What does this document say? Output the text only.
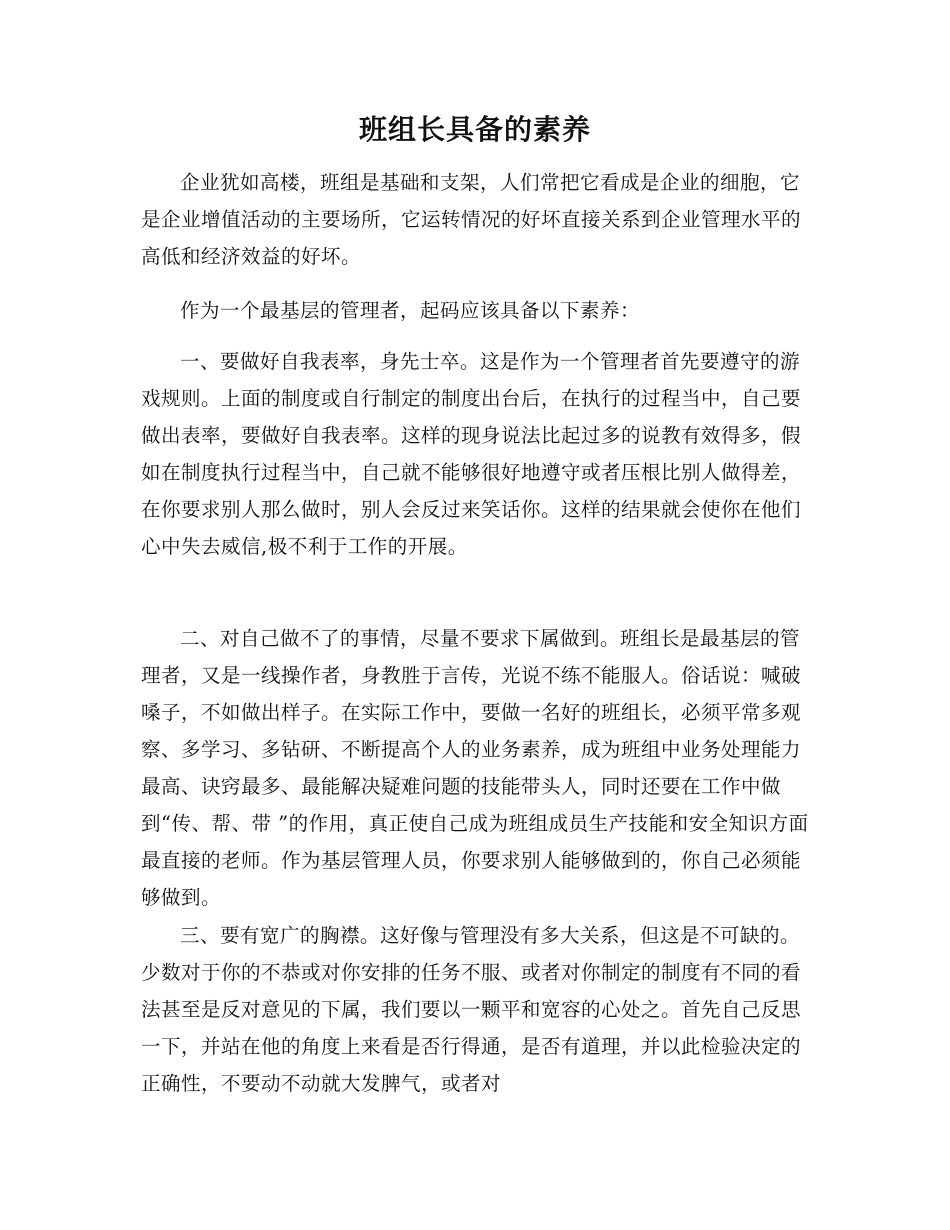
班组长具备的素养

企业犹如高楼，班组是基础和支架，人们常把它看成是企业的细胞，它是企业增值活动的主要场所，它运转情况的好坏直接关系到企业管理水平的高低和经济效益的好坏。

作为一个最基层的管理者，起码应该具备以下素养：

一、要做好自我表率，身先士卒。这是作为一个管理者首先要遵守的游戏规则。上面的制度或自行制定的制度出台后，在执行的过程当中，自己要做出表率，要做好自我表率。这样的现身说法比起过多的说教有效得多，假如在制度执行过程当中，自己就不能够很好地遵守或者压根比别人做得差，在你要求别人那么做时，别人会反过来笑话你。这样的结果就会使你在他们心中失去威信,极不利于工作的开展。

二、对自己做不了的事情，尽量不要求下属做到。班组长是最基层的管理者，又是一线操作者，身教胜于言传，光说不练不能服人。俗话说：喊破嗓子，不如做出样子。在实际工作中，要做一名好的班组长，必须平常多观察、多学习、多钻研、不断提高个人的业务素养，成为班组中业务处理能力最高、诀窍最多、最能解决疑难问题的技能带头人，同时还要在工作中做到“传、帮、带 ”的作用，真正使自己成为班组成员生产技能和安全知识方面最直接的老师。作为基层管理人员，你要求别人能够做到的，你自己必须能够做到。

三、要有宽广的胸襟。这好像与管理没有多大关系，但这是不可缺的。少数对于你的不恭或对你安排的任务不服、或者对你制定的制度有不同的看法甚至是反对意见的下属，我们要以一颗平和宽容的心处之。首先自己反思一下，并站在他的角度上来看是否行得通，是否有道理，并以此检验决定的正确性，不要动不动就大发脾气，或者对
